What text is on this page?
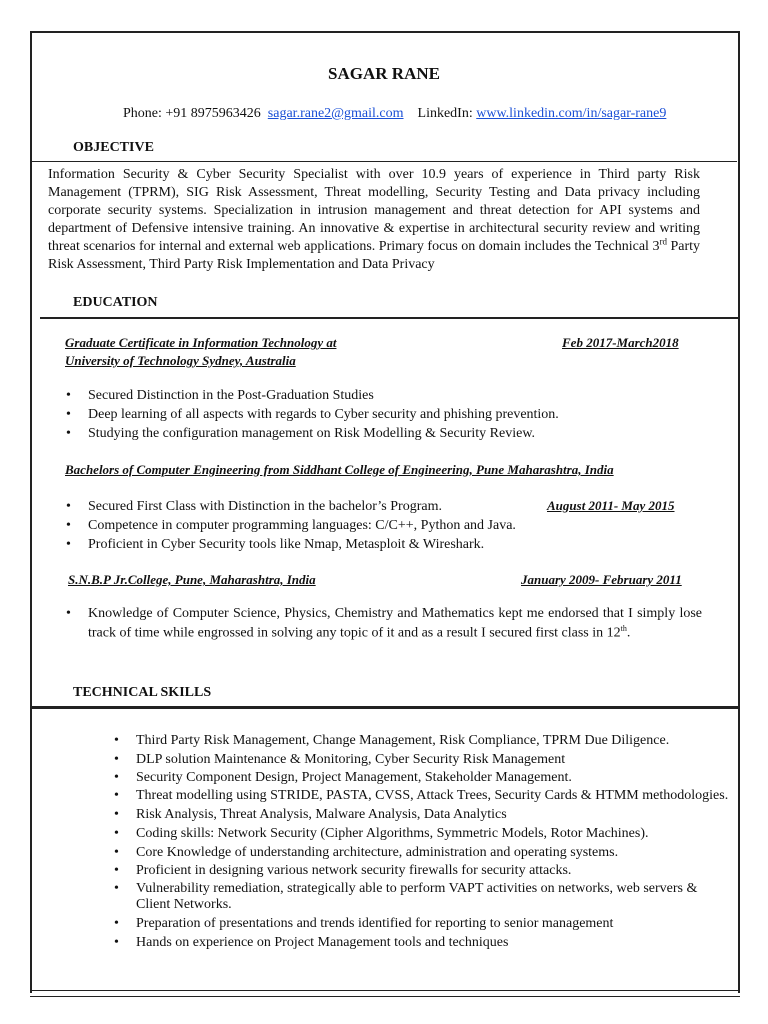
SAGAR RANE
Phone: +91 8975963426 sagar.rane2@gmail.com LinkedIn: www.linkedin.com/in/sagar-rane9
OBJECTIVE
Information Security & Cyber Security Specialist with over 10.9 years of experience in Third party Risk Management (TPRM), SIG Risk Assessment, Threat modelling, Security Testing and Data privacy including corporate security systems. Specialization in intrusion management and threat detection for API systems and department of Defensive intensive training. An innovative & expertise in architectural security review and writing threat scenarios for internal and external web applications. Primary focus on domain includes the Technical 3rd Party Risk Assessment, Third Party Risk Implementation and Data Privacy
EDUCATION
Graduate Certificate in Information Technology at
University of Technology Sydney, Australia
Feb 2017-March2018
• Secured Distinction in the Post-Graduation Studies
• Deep learning of all aspects with regards to Cyber security and phishing prevention.
• Studying the configuration management on Risk Modelling & Security Review.
Bachelors of Computer Engineering from Siddhant College of Engineering, Pune Maharashtra, India
August 2011- May 2015
• Secured First Class with Distinction in the bachelor’s Program.
• Competence in computer programming languages: C/C++, Python and Java.
• Proficient in Cyber Security tools like Nmap, Metasploit & Wireshark.
S.N.B.P Jr.College, Pune, Maharashtra, India	January 2009- February 2011
• Knowledge of Computer Science, Physics, Chemistry and Mathematics kept me endorsed that I simply lose track of time while engrossed in solving any topic of it and as a result I secured first class in 12th.
TECHNICAL SKILLS
• Third Party Risk Management, Change Management, Risk Compliance, TPRM Due Diligence.
• DLP solution Maintenance & Monitoring, Cyber Security Risk Management
• Security Component Design, Project Management, Stakeholder Management.
• Threat modelling using STRIDE, PASTA, CVSS, Attack Trees, Security Cards & HTMM methodologies.
• Risk Analysis, Threat Analysis, Malware Analysis, Data Analytics
• Coding skills: Network Security (Cipher Algorithms, Symmetric Models, Rotor Machines).
• Core Knowledge of understanding architecture, administration and operating systems.
• Proficient in designing various network security firewalls for security attacks.
• Vulnerability remediation, strategically able to perform VAPT activities on networks, web servers & Client Networks.
• Preparation of presentations and trends identified for reporting to senior management
• Hands on experience on Project Management tools and techniques
